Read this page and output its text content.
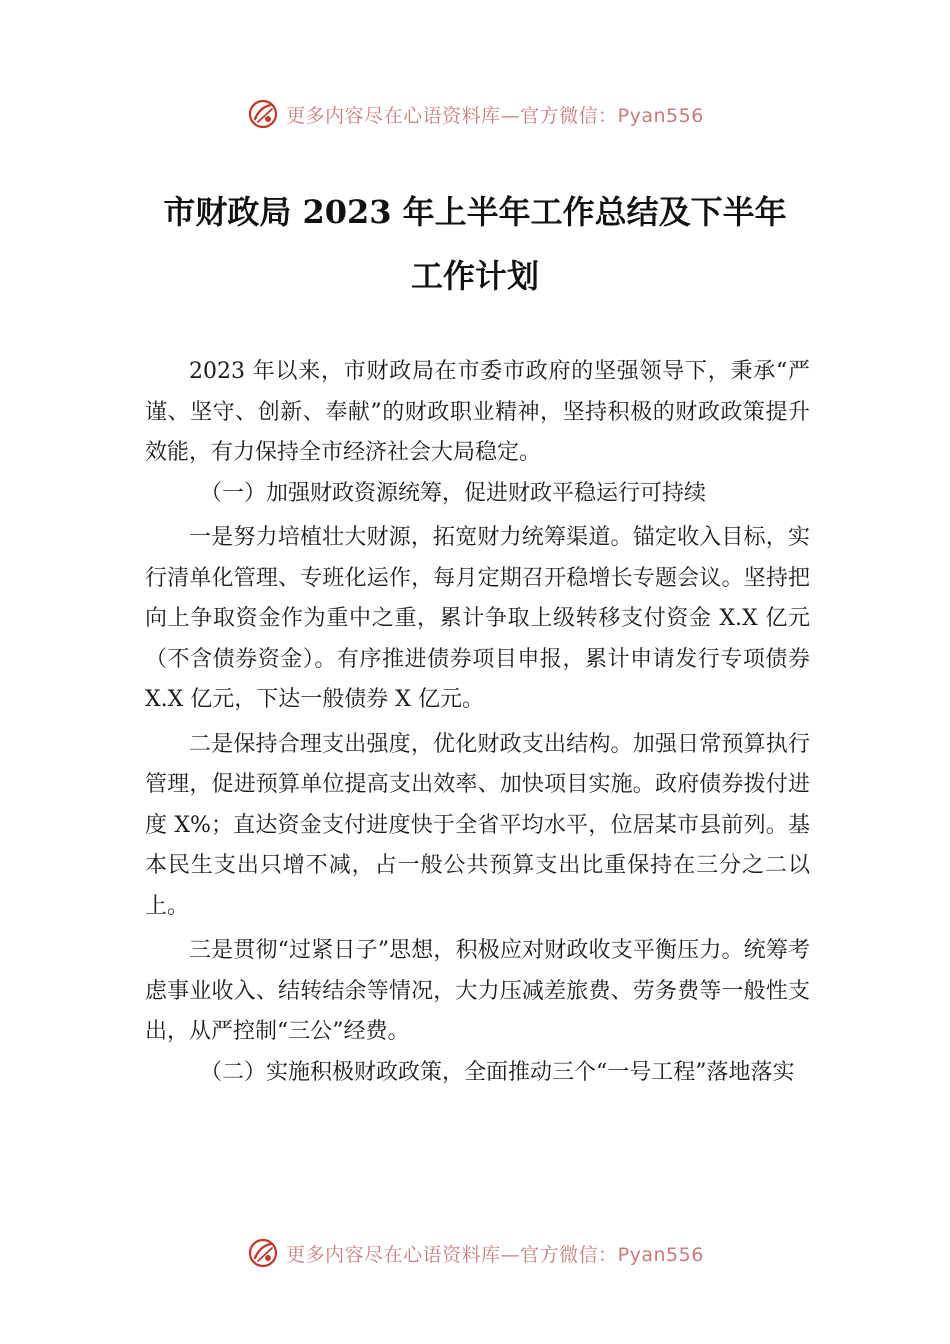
更多内容尽在心语资料库—官方微信：Pyan556
市财政局 2023 年上半年工作总结及下半年
工作计划

2023 年以来，市财政局在市委市政府的坚强领导下，秉承“严谨、坚守、创新、奉献”的财政职业精神，坚持积极的财政政策提升效能，有力保持全市经济社会大局稳定。

（一）加强财政资源统筹，促进财政平稳运行可持续

一是努力培植壮大财源，拓宽财力统筹渠道。锚定收入目标，实行清单化管理、专班化运作，每月定期召开稳增长专题会议。坚持把向上争取资金作为重中之重，累计争取上级转移支付资金 X.X 亿元（不含债券资金）。有序推进债券项目申报，累计申请发行专项债券 X.X 亿元，下达一般债券 X 亿元。

二是保持合理支出强度，优化财政支出结构。加强日常预算执行管理，促进预算单位提高支出效率、加快项目实施。政府债券拨付进度 X%；直达资金支付进度快于全省平均水平，位居某市县前列。基本民生支出只增不减，占一般公共预算支出比重保持在三分之二以上。

三是贯彻“过紧日子”思想，积极应对财政收支平衡压力。统筹考虑事业收入、结转结余等情况，大力压减差旅费、劳务费等一般性支出，从严控制“三公”经费。

（二）实施积极财政政策，全面推动三个“一号工程”落地落实

更多内容尽在心语资料库—官方微信：Pyan556
